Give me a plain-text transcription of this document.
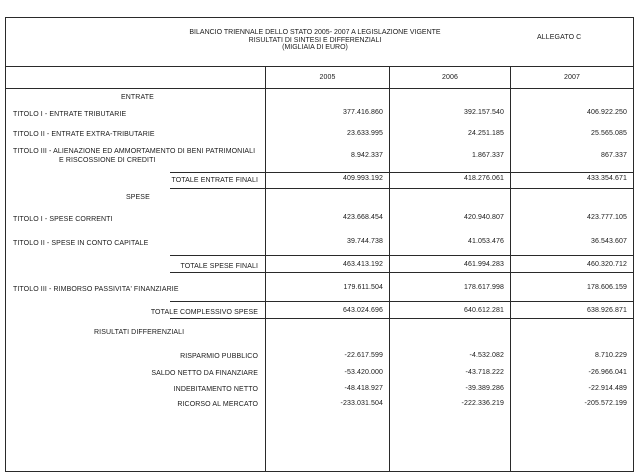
BILANCIO TRIENNALE DELLO STATO 2005- 2007 A LEGISLAZIONE VIGENTE
RISULTATI DI SINTESI E DIFFERENZIALI
(MIGLIAIA DI EURO)
ALLEGATO C
2005	2006	2007
ENTRATE
TITOLO I - ENTRATE TRIBUTARIE	377.416.860	392.157.540	406.922.250
TITOLO II - ENTRATE EXTRA-TRIBUTARIE	23.633.995	24.251.185	25.565.085
TITOLO III - ALIENAZIONE ED AMMORTAMENTO DI BENI PATRIMONIALI
E RISCOSSIONE DI CREDITI
8.942.337	1.867.337	867.337
TOTALE ENTRATE FINALI	409.993.192	418.276.061	433.354.671
SPESE
TITOLO I - SPESE CORRENTI	423.668.454	420.940.807	423.777.105
TITOLO II - SPESE IN CONTO CAPITALE	39.744.738	41.053.476	36.543.607
TOTALE SPESE FINALI	463.413.192	461.994.283	460.320.712
TITOLO III - RIMBORSO PASSIVITA' FINANZIARIE	179.611.504	178.617.998	178.606.159
TOTALE COMPLESSIVO SPESE	643.024.696	640.612.281	638.926.871
RISULTATI DIFFERENZIALI
RISPARMIO PUBBLICO	-22.617.599	-4.532.082	8.710.229
SALDO NETTO DA FINANZIARE	-53.420.000	-43.718.222	-26.966.041
INDEBITAMENTO NETTO	-48.418.927	-39.389.286	-22.914.489
RICORSO AL MERCATO	-233.031.504	-222.336.219	-205.572.199
